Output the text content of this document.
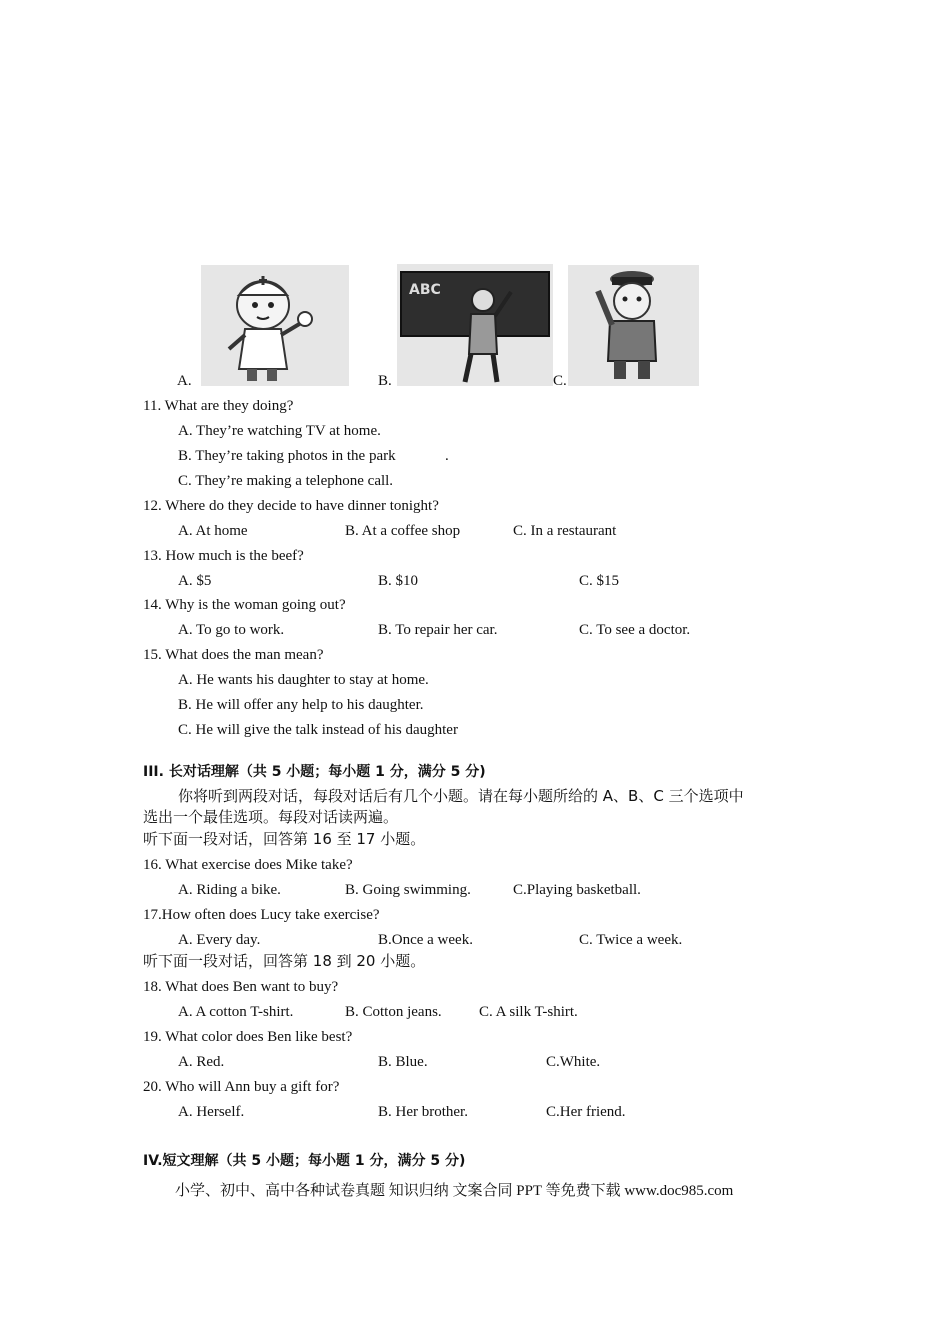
A.	B.
ABC
C.
11. What are they doing?
A. They’re watching TV at home.
B. They’re taking photos in the park	.
C. They’re making a telephone call.
12. Where do they decide to have dinner tonight?
A. At home	B. At a coffee shop	C. In a restaurant
13. How much is the beef?
A. $5	B. $10	C. $15
14. Why is the woman going out?
A. To go to work.	B. To repair her car.	C. To see a doctor.
15. What does the man mean?
A. He wants his daughter to stay at home.
B. He will offer any help to his daughter.
C. He will give the talk instead of his daughter
III. 长对话理解（共 5 小题；每小题 1 分，满分 5 分)
你将听到两段对话，每段对话后有几个小题。请在每小题所给的 A、B、C 三个选项中
选出一个最佳选项。每段对话读两遍。
听下面一段对话，回答第 16 至 17 小题。
16. What exercise does Mike take?
A. Riding a bike.	B. Going swimming.	C.Playing basketball.
17.How often does Lucy take exercise?
A. Every day.	B.Once a week.	C. Twice a week.
听下面一段对话，回答第 18 到 20 小题。
18. What does Ben want to buy?
A. A cotton T-shirt.	B. Cotton jeans. C. A silk T-shirt.
19. What color does Ben like best?
A. Red.	B. Blue.	C.White.
20. Who will Ann buy a gift for?
A. Herself.	B. Her brother.	C.Her friend.
IV.短文理解（共 5 小题；每小题 1 分，满分 5 分)
小学、初中、高中各种试卷真题 知识归纳 文案合同 PPT 等免费下载 www.doc985.com
